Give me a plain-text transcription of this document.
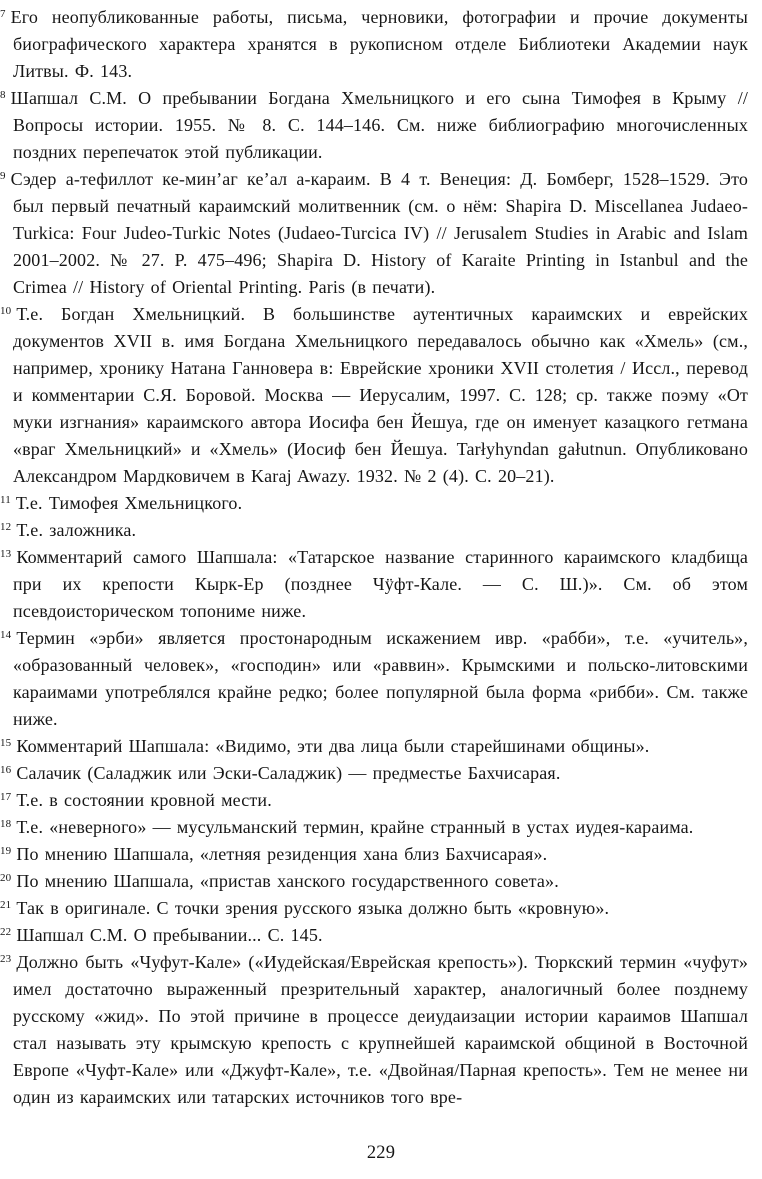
$^7$ Его неопубликованные работы, письма, черновики, фотографии и прочие документы биографического характера хранятся в рукописном отделе Библиотеки Академии наук Литвы. Ф. 143.
$^8$ Шапшал С.М. О пребывании Богдана Хмельницкого и его сына Тимофея в Крыму // Вопросы истории. 1955. № 8. С. 144–146. См. ниже библиографию многочисленных поздних перепечаток этой публикации.
$^9$ Сэдер а-тефиллот ке-мин’аг ке’ал а-караим. В 4 т. Венеция: Д. Бомберг, 1528–1529. Это был первый печатный караимский молитвенник (см. о нём: Shapira D. Miscellanea Judaeo-Turkica: Four Judeo-Turkic Notes (Judaeo-Turcica IV) // Jerusalem Studies in Arabic and Islam 2001–2002. № 27. P. 475–496; Shapira D. History of Karaite Printing in Istanbul and the Crimea // History of Oriental Printing. Paris (в печати).
$^{10}$ Т.е. Богдан Хмельницкий. В большинстве аутентичных караимских и еврейских документов XVII в. имя Богдана Хмельницкого передавалось обычно как «Хмель» (см., например, хронику Натана Ганновера в: Еврейские хроники XVII столетия / Иссл., перевод и комментарии С.Я. Боровой. Москва –– Иерусалим, 1997. С. 128; ср. также поэму «От муки изгнания» караимского автора Иосифа бен Йешуа, где он именует казацкого гетмана «враг Хмельницкий» и «Хмель» (Иосиф бен Йешуа. Tarłyhyndan gałutnun. Опубликовано Александром Мардковичем в Karaj Awazy. 1932. № 2 (4). С. 20–21).
$^{11}$ Т.е. Тимофея Хмельницкого.
$^{12}$ Т.е. заложника.
$^{13}$ Комментарий самого Шапшала: «Татарское название старинного караимского кладбища при их крепости Кырк-Ер (позднее Чӱфт-Кале. — С. Ш.)». См. об этом псевдоисторическом топониме ниже.
$^{14}$ Термин «эрби» является простонародным искажением ивр. «рабби», т.е. «учитель», «образованный человек», «господин» или «раввин». Крымскими и польско-литовскими караимами употреблялся крайне редко; более популярной была форма «рибби». См. также ниже.
$^{15}$ Комментарий Шапшала: «Видимо, эти два лица были старейшинами общины».
$^{16}$ Салачик (Саладжик или Эски-Саладжик) — предместье Бахчисарая.
$^{17}$ Т.е. в состоянии кровной мести.
$^{18}$ Т.е. «неверного» — мусульманский термин, крайне странный в устах иудея-караима.
$^{19}$ По мнению Шапшала, «летняя резиденция хана близ Бахчисарая».
$^{20}$ По мнению Шапшала, «пристав ханского государственного совета».
$^{21}$ Так в оригинале. С точки зрения русского языка должно быть «кровную».
$^{22}$ Шапшал С.М. О пребывании... С. 145.
$^{23}$ Должно быть «Чуфут-Кале» («Иудейская/Еврейская крепость»). Тюркский термин «чуфут» имел достаточно выраженный презрительный характер, аналогичный более позднему русскому «жид». По этой причине в процессе деиудаизации истории караимов Шапшал стал называть эту крымскую крепость с крупнейшей караимской общиной в Восточной Европе «Чуфт-Кале» или «Джуфт-Кале», т.е. «Двойная/Парная крепость». Тем не менее ни один из караимских или татарских источников того вре-
229
